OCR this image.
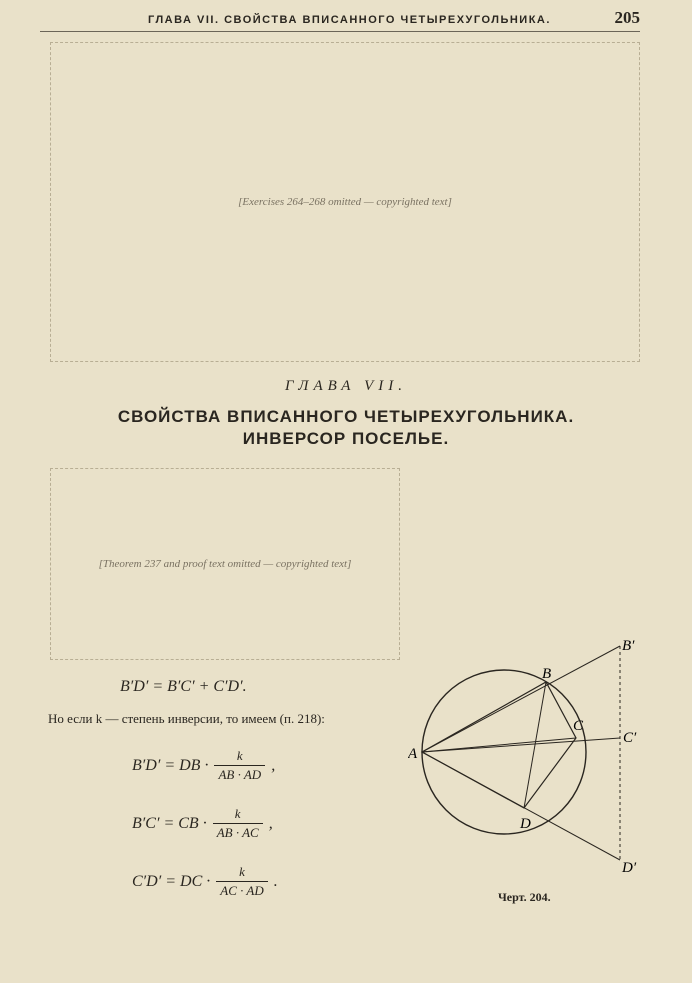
ГЛАВА VII. СВОЙСТВА ВПИСАННОГО ЧЕТЫРЕХУГОЛЬНИКА.	205
[Exercises 264–268 omitted — copyrighted text]
ГЛАВА VII.
СВОЙСТВА ВПИСАННОГО ЧЕТЫРЕХУГОЛЬНИКА.
ИНВЕРСОР ПОСЕЛЬЕ.
[Theorem 237 and proof text omitted — copyrighted text]
B′D′ = B′C′ + C′D′.
Но если k — степень инверсии, то имеем (п. 218):
B′D′ = DB · $\frac{k}{AB \cdot AD}$ ,
B′C′ = CB · $\frac{k}{AB \cdot AC}$ ,
C′D′ = DC · $\frac{k}{AC \cdot AD}$ .
A
B
C
D
B′
C′
D′
Черт. 204.
